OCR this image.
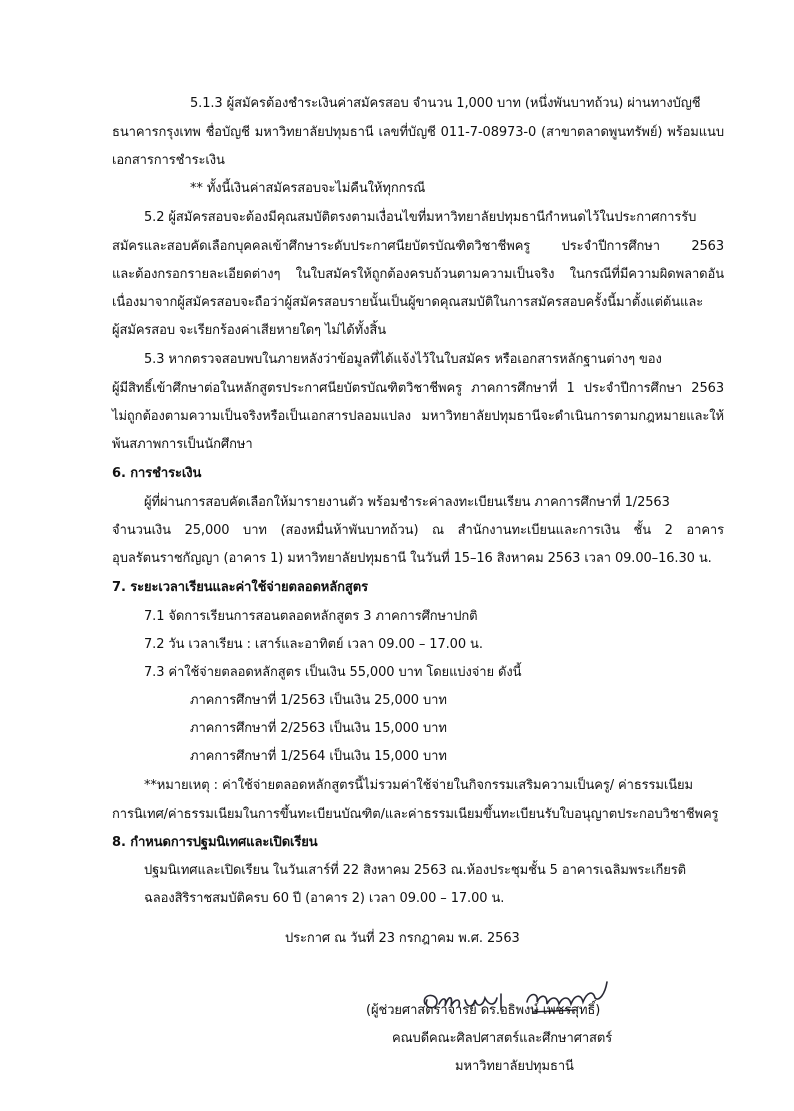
5.1.3 ผู้สมัครต้องชำระเงินค่าสมัครสอบ จำนวน 1,000 บาท (หนึ่งพันบาทถ้วน) ผ่านทางบัญชี
ธนาคารกรุงเทพ ชื่อบัญชี มหาวิทยาลัยปทุมธานี เลขที่บัญชี 011-7-08973-0 (สาขาตลาดพูนทรัพย์) พร้อมแนบ
เอกสารการชำระเงิน
** ทั้งนี้เงินค่าสมัครสอบจะไม่คืนให้ทุกกรณี
5.2 ผู้สมัครสอบจะต้องมีคุณสมบัติตรงตามเงื่อนไขที่มหาวิทยาลัยปทุมธานีกำหนดไว้ในประกาศการรับ
สมัครและสอบคัดเลือกบุคคลเข้าศึกษาระดับประกาศนียบัตรบัณฑิตวิชาชีพครู ประจำปีการศึกษา 2563
และต้องกรอกรายละเอียดต่างๆ ในใบสมัครให้ถูกต้องครบถ้วนตามความเป็นจริง ในกรณีที่มีความผิดพลาดอัน
เนื่องมาจากผู้สมัครสอบจะถือว่าผู้สมัครสอบรายนั้นเป็นผู้ขาดคุณสมบัติในการสมัครสอบครั้งนี้มาตั้งแต่ต้นและ
ผู้สมัครสอบ จะเรียกร้องค่าเสียหายใดๆ ไม่ได้ทั้งสิ้น
5.3 หากตรวจสอบพบในภายหลังว่าข้อมูลที่ได้แจ้งไว้ในใบสมัคร หรือเอกสารหลักฐานต่างๆ ของ
ผู้มีสิทธิ์เข้าศึกษาต่อในหลักสูตรประกาศนียบัตรบัณฑิตวิชาชีพครู ภาคการศึกษาที่ 1 ประจำปีการศึกษา 2563
ไม่ถูกต้องตามความเป็นจริงหรือเป็นเอกสารปลอมแปลง มหาวิทยาลัยปทุมธานีจะดำเนินการตามกฎหมายและให้
พ้นสภาพการเป็นนักศึกษา
6. การชำระเงิน
ผู้ที่ผ่านการสอบคัดเลือกให้มารายงานตัว พร้อมชำระค่าลงทะเบียนเรียน ภาคการศึกษาที่ 1/2563
จำนวนเงิน 25,000 บาท (สองหมื่นห้าพันบาทถ้วน) ณ สำนักงานทะเบียนและการเงิน ชั้น 2 อาคาร
อุบลรัตนราชกัญญา (อาคาร 1) มหาวิทยาลัยปทุมธานี ในวันที่ 15–16 สิงหาคม 2563 เวลา 09.00–16.30 น.
7. ระยะเวลาเรียนและค่าใช้จ่ายตลอดหลักสูตร
7.1 จัดการเรียนการสอนตลอดหลักสูตร 3 ภาคการศึกษาปกติ
7.2 วัน เวลาเรียน : เสาร์และอาทิตย์ เวลา 09.00 – 17.00 น.
7.3 ค่าใช้จ่ายตลอดหลักสูตร เป็นเงิน 55,000 บาท โดยแบ่งจ่าย ดังนี้
ภาคการศึกษาที่ 1/2563 เป็นเงิน 25,000 บาท
ภาคการศึกษาที่ 2/2563 เป็นเงิน 15,000 บาท
ภาคการศึกษาที่ 1/2564 เป็นเงิน 15,000 บาท
**หมายเหตุ : ค่าใช้จ่ายตลอดหลักสูตรนี้ไม่รวมค่าใช้จ่ายในกิจกรรมเสริมความเป็นครู/ ค่าธรรมเนียม
การนิเทศ/ค่าธรรมเนียมในการขึ้นทะเบียนบัณฑิต/และค่าธรรมเนียมขึ้นทะเบียนรับใบอนุญาตประกอบวิชาชีพครู
8. กำหนดการปฐมนิเทศและเปิดเรียน
ปฐมนิเทศและเปิดเรียน ในวันเสาร์ที่ 22 สิงหาคม 2563 ณ.ห้องประชุมชั้น 5 อาคารเฉลิมพระเกียรติ
ฉลองสิริราชสมบัติครบ 60 ปี (อาคาร 2) เวลา 09.00 – 17.00 น.
ประกาศ ณ วันที่ 23 กรกฎาคม พ.ศ. 2563
(ผู้ช่วยศาสตราจารย์ ดร.อธิพงษ์ เพชรสุทธิ์)
คณบดีคณะศิลปศาสตร์และศึกษาศาสตร์
มหาวิทยาลัยปทุมธานี
